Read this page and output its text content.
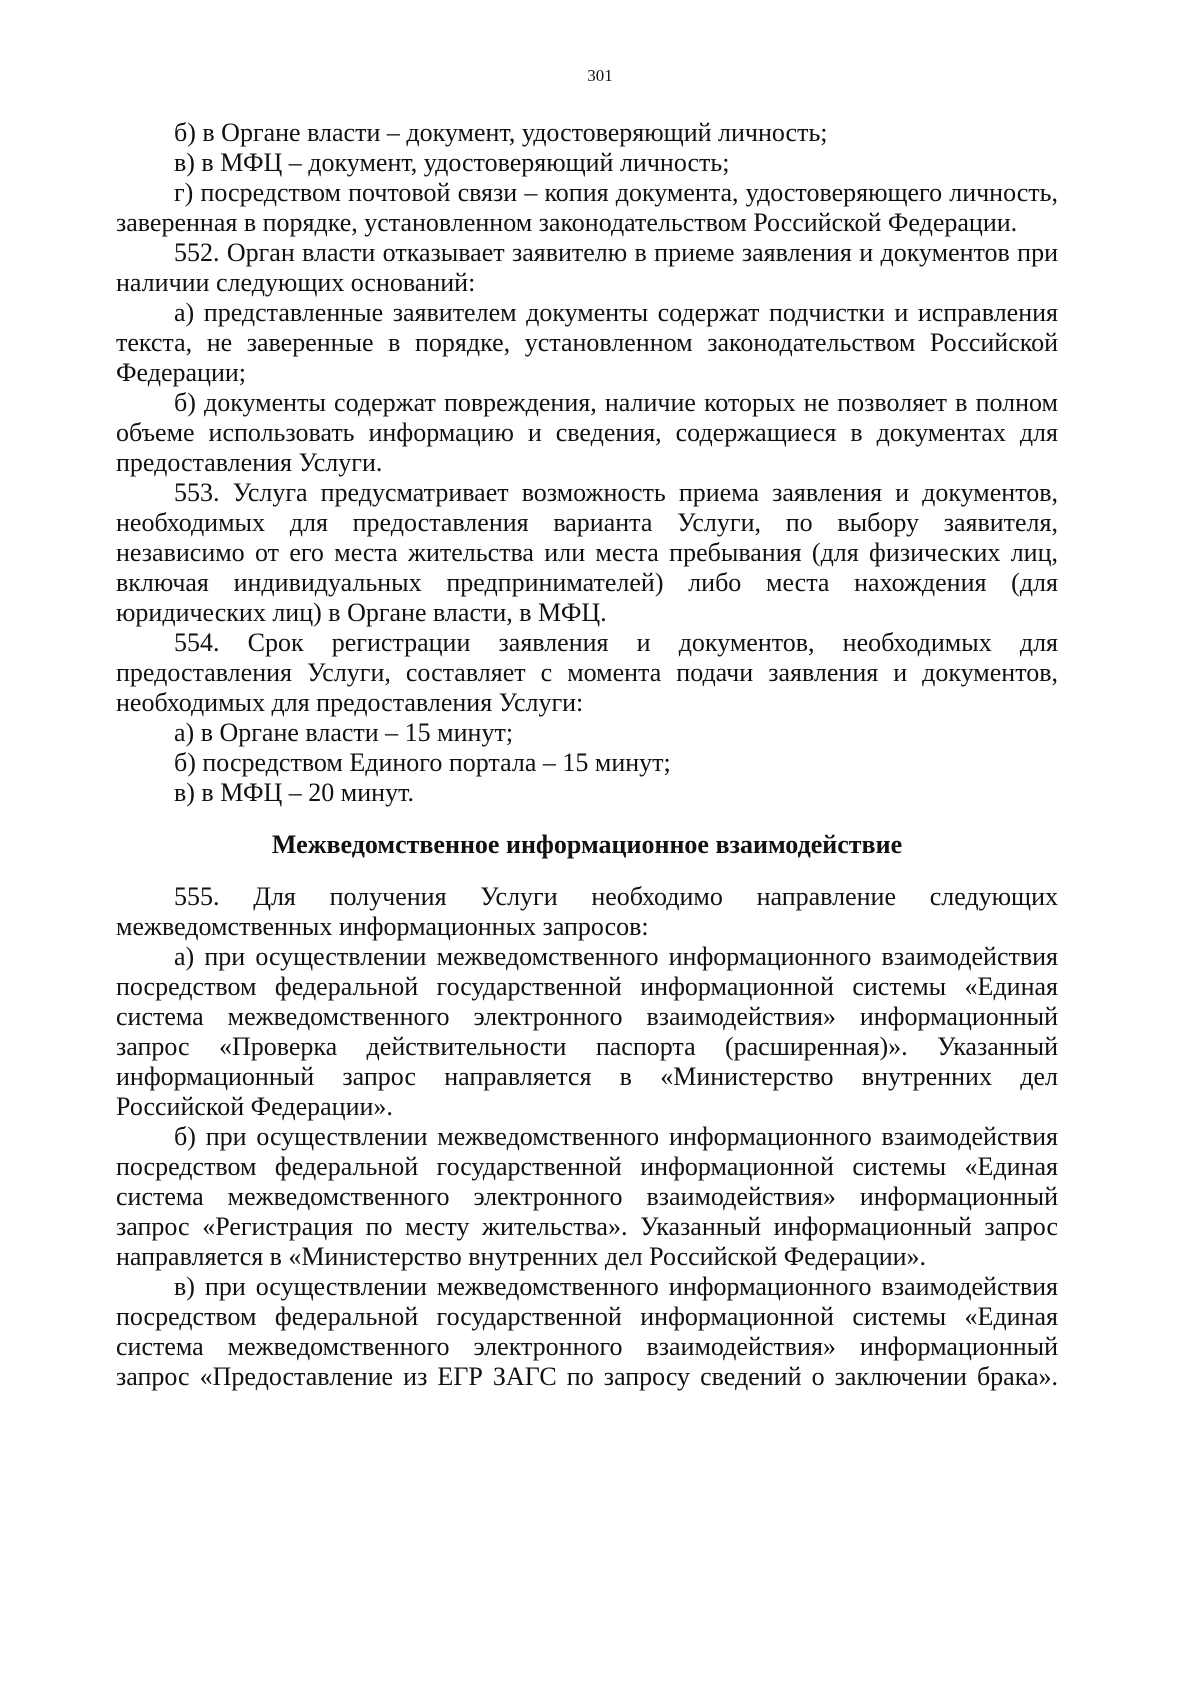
301

б) в Органе власти – документ, удостоверяющий личность;

в) в МФЦ – документ, удостоверяющий личность;

г) посредством почтовой связи – копия документа, удостоверяющего личность, заверенная в порядке, установленном законодательством Российской Федерации.

552. Орган власти отказывает заявителю в приеме заявления и документов при наличии следующих оснований:

а) представленные заявителем документы содержат подчистки и исправления текста, не заверенные в порядке, установленном законодательством Российской Федерации;

б) документы содержат повреждения, наличие которых не позволяет в полном объеме использовать информацию и сведения, содержащиеся в документах для предоставления Услуги.

553. Услуга предусматривает возможность приема заявления и документов, необходимых для предоставления варианта Услуги, по выбору заявителя, независимо от его места жительства или места пребывания (для физических лиц, включая индивидуальных предпринимателей) либо места нахождения (для юридических лиц) в Органе власти, в МФЦ.

554. Срок регистрации заявления и документов, необходимых для предоставления Услуги, составляет с момента подачи заявления и документов, необходимых для предоставления Услуги:

а) в Органе власти – 15 минут;

б) посредством Единого портала – 15 минут;

в) в МФЦ – 20 минут.

Межведомственное информационное взаимодействие

555. Для получения Услуги необходимо направление следующих межведомственных информационных запросов:

а) при осуществлении межведомственного информационного взаимодействия посредством федеральной государственной информационной системы «Единая система межведомственного электронного взаимодействия» информационный запрос «Проверка действительности паспорта (расширенная)». Указанный информационный запрос направляется в «Министерство внутренних дел Российской Федерации».

б) при осуществлении межведомственного информационного взаимодействия посредством федеральной государственной информационной системы «Единая система межведомственного электронного взаимодействия» информационный запрос «Регистрация по месту жительства». Указанный информационный запрос направляется в «Министерство внутренних дел Российской Федерации».

в) при осуществлении межведомственного информационного взаимодействия посредством федеральной государственной информационной системы «Единая система межведомственного электронного взаимодействия» информационный запрос «Предоставление из ЕГР ЗАГС по запросу сведений о заключении брака».
